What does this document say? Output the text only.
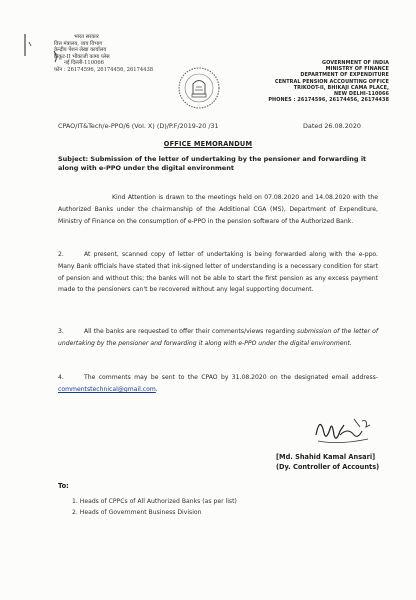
भारत सरकार
वित्त मंत्रालय, व्यय विभाग
केन्द्रीय पेंशन लेखा कार्यालय
त्रिकूट-II भीकाजी कामा प्लेस
नई दिल्ली-110066
फोन : 26174596, 26174456, 26174438
GOVERNMENT OF INDIA
MINISTRY OF FINANCE
DEPARTMENT OF EXPENDITURE
CENTRAL PENSION ACCOUNTING OFFICE
TRIKOOT-II, BHIKAJI CAMA PLACE,
NEW DELHI-110066
PHONES : 26174596, 26174456, 26174438
CPAO/IT&Tech/e-PPO/6 (Vol. X) (D)/P.F/2019-20 /31	Dated 26.08.2020
OFFICE MEMORANDUM
Subject: Submission of the letter of undertaking by the pensioner and forwarding it along with e-PPO under the digital environment
Kind Attention is drawn to the meetings held on 07.08.2020 and 14.08.2020 with the Authorized Banks under the chairmanship of the Additional CGA (MS), Department of Expenditure, Ministry of Finance on the consumption of e-PPO in the pension software of the Authorized Bank.
2.	At present, scanned copy of letter of undertaking is being forwarded along with the e-ppo. Many Bank officials have stated that ink-signed letter of understanding is a necessary condition for start of pension and without this; the banks will not be able to start the first pension as any excess payment made to the pensioners can't be recovered without any legal supporting document.
3.	All the banks are requested to offer their comments/views regarding submission of the letter of undertaking by the pensioner and forwarding it along with e-PPO under the digital environment.
4.	The comments may be sent to the CPAO by 31.08.2020 on the designated email address- commentstechnical@gmail.com.
[Md. Shahid Kamal Ansari]
(Dy. Controller of Accounts)
To:
1. Heads of CPPCs of All Authorized Banks (as per list)
2. Heads of Government Business Division
